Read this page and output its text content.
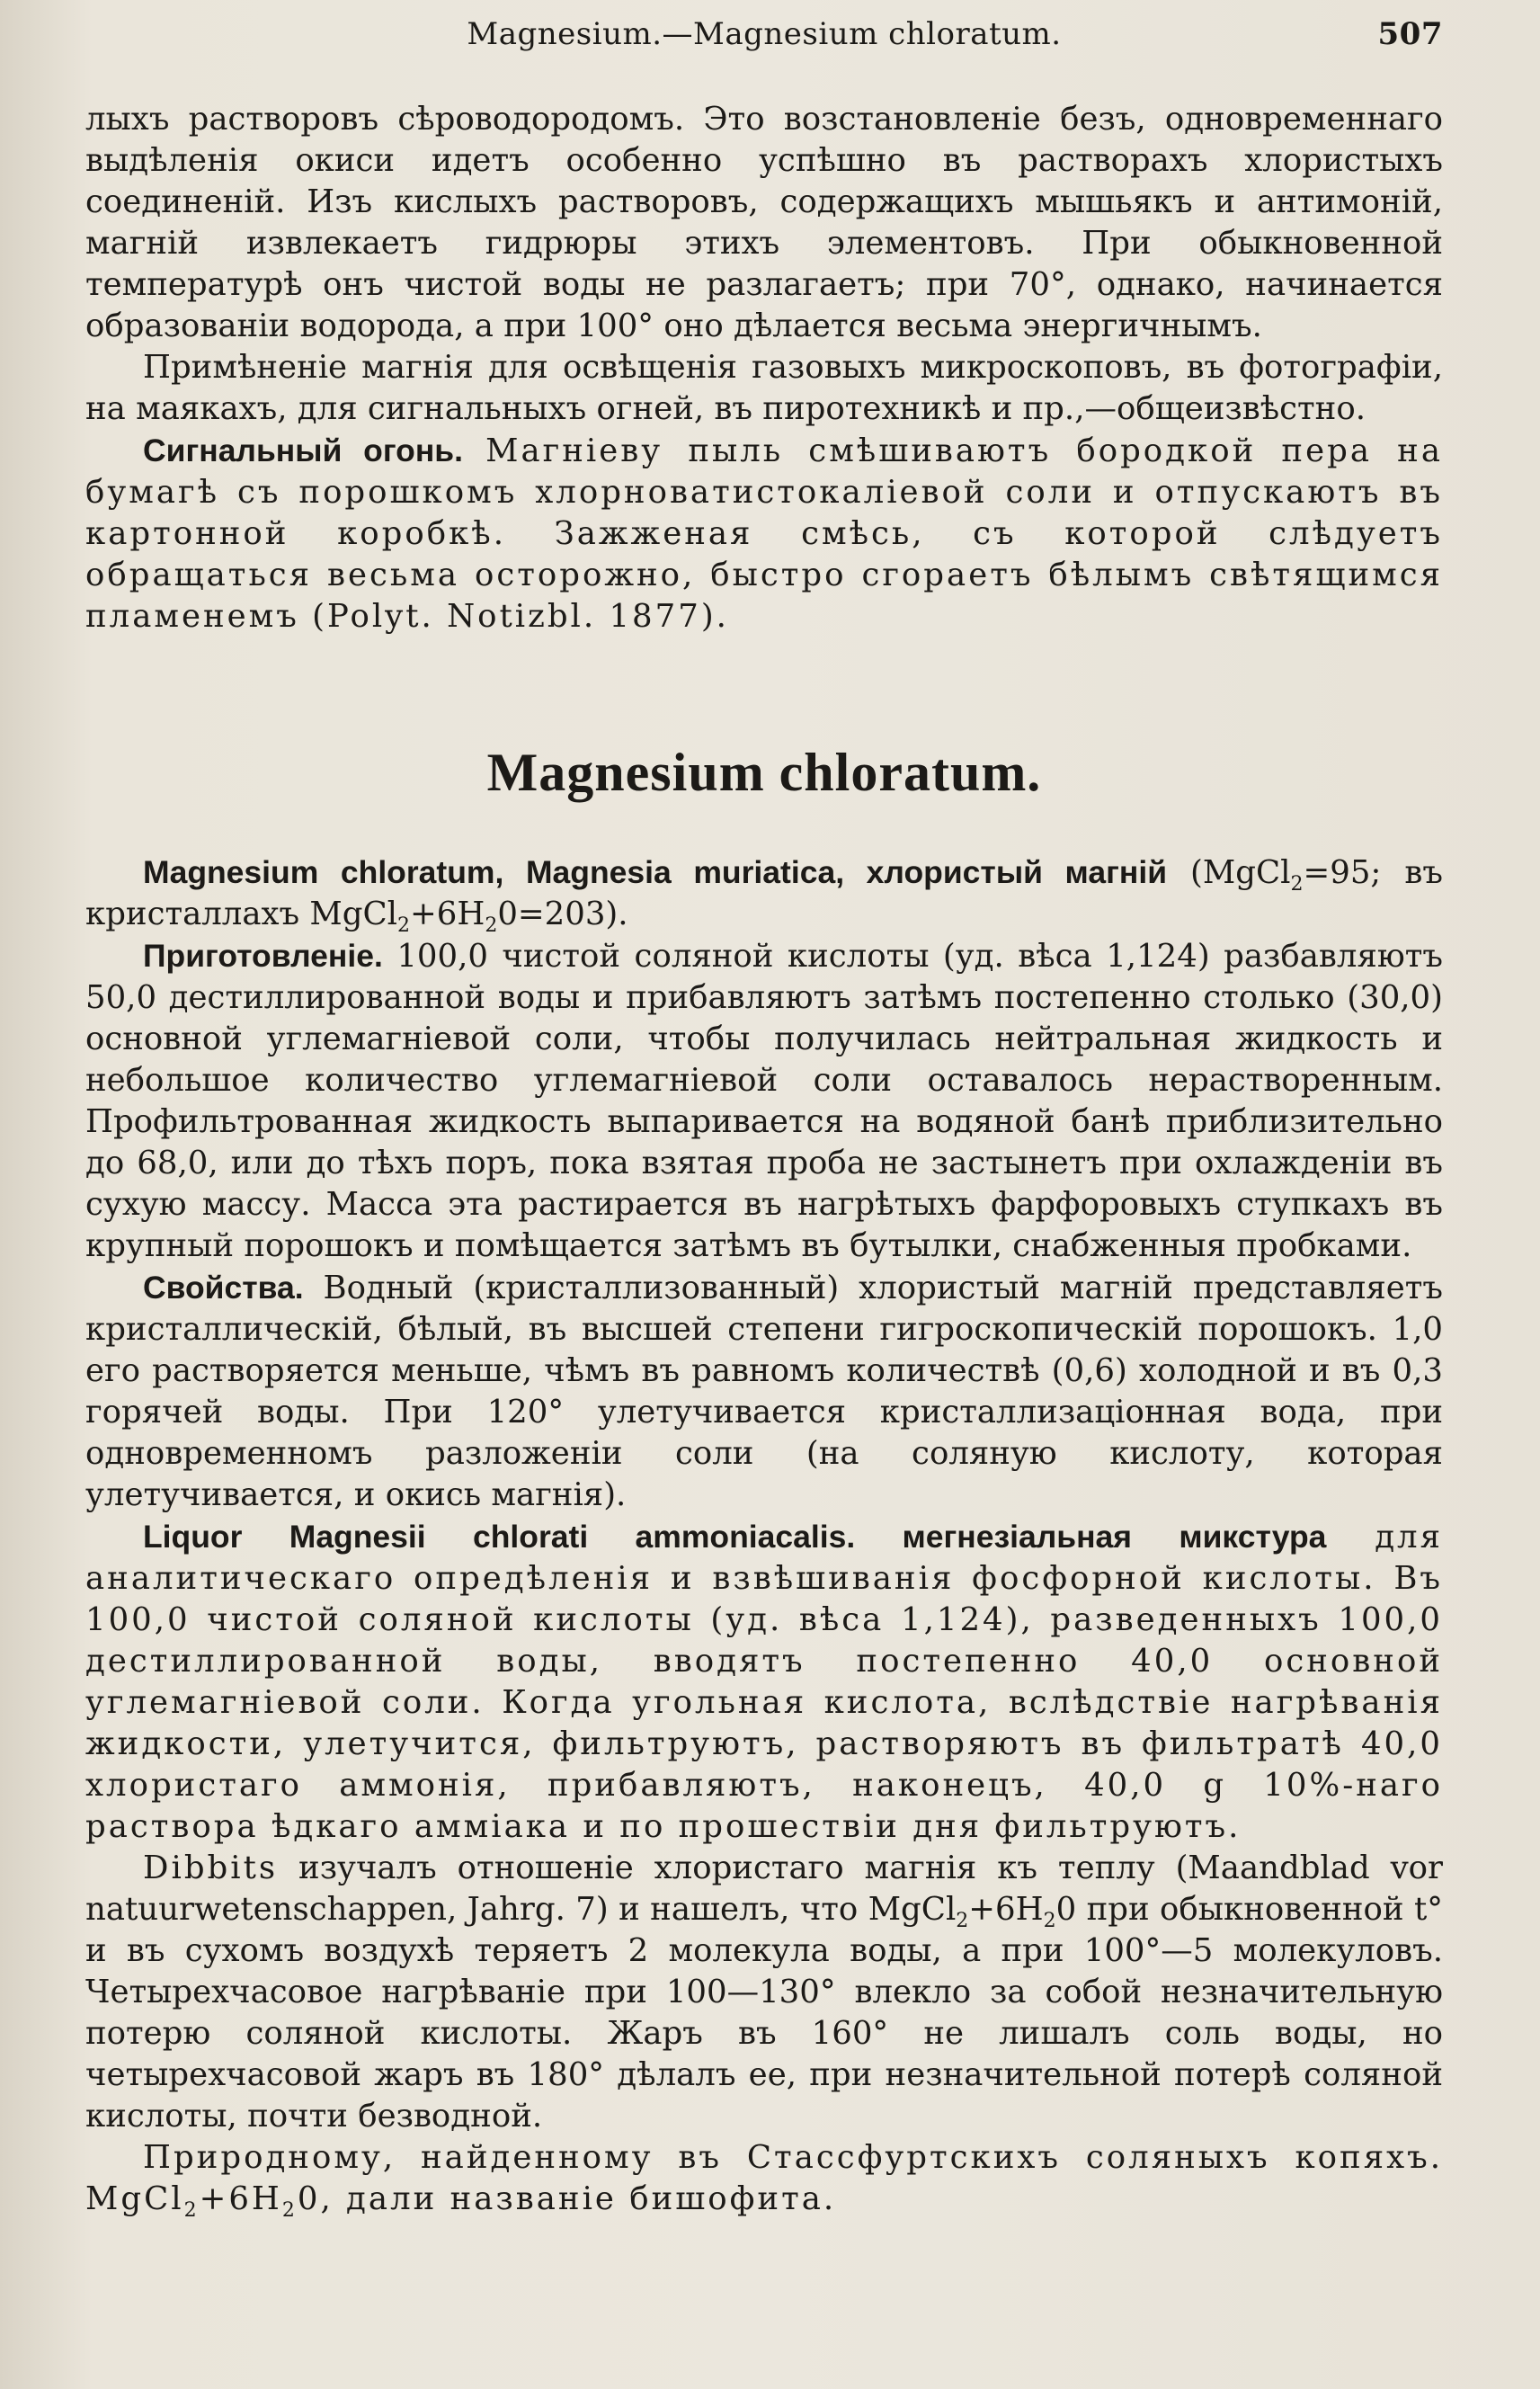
Magnesium.—Magnesium chloratum.	507

лыхъ растворовъ сѣроводородомъ. Это возстановленіе безъ, одновременнаго выдѣленія окиси идетъ особенно успѣшно въ растворахъ хлористыхъ соединеній. Изъ кислыхъ растворовъ, содержащихъ мышьякъ и антимоній, магній извлекаетъ гидрюры этихъ элементовъ. При обыкновенной температурѣ онъ чистой воды не разлагаетъ; при 70°, однако, начинается образованіи водорода, а при 100° оно дѣлается весьма энергичнымъ.

Примѣненіе магнія для освѣщенія газовыхъ микроскоповъ, въ фотографіи, на маякахъ, для сигнальныхъ огней, въ пиротехникѣ и пр.,—общеизвѣстно.

Сигнальный огонь. Магніеву пыль смѣшиваютъ бородкой пера на бумагѣ съ порошкомъ хлорноватистокаліевой соли и отпускаютъ въ картонной коробкѣ. Зажженая смѣсь, съ которой слѣдуетъ обращаться весьма осторожно, быстро сгораетъ бѣлымъ свѣтящимся пламенемъ (Polyt. Notizbl. 1877).

Magnesium chloratum.

Magnesium chloratum, Magnesia muriatica, хлористый магній (MgCl$_2$=95; въ кристаллахъ $MgCl_2+6H_20=203$).

Приготовленіе. 100,0 чистой соляной кислоты (уд. вѣса 1,124) разбавляютъ 50,0 дестиллированной воды и прибавляютъ затѣмъ постепенно столько (30,0) основной углемагніевой соли, чтобы получилась нейтральная жидкость и небольшое количество углемагніевой соли оставалось нерастворенным. Профильтрованная жидкость выпаривается на водяной банѣ приблизительно до 68,0, или до тѣхъ поръ, пока взятая проба не застынетъ при охлажденіи въ сухую массу. Масса эта растирается въ нагрѣтыхъ фарфоровыхъ ступкахъ въ крупный порошокъ и помѣщается затѣмъ въ бутылки, снабженныя пробками.

Свойства. Водный (кристаллизованный) хлористый магній представляетъ кристаллическій, бѣлый, въ высшей степени гигроскопическій порошокъ. 1,0 его растворяется меньше, чѣмъ въ равномъ количествѣ (0,6) холодной и въ 0,3 горячей воды. При 120° улетучивается кристаллизаціонная вода, при одновременномъ разложеніи соли (на соляную кислоту, которая улетучивается, и окись магнія).

Liquor Magnesii chlorati ammoniacalis. мегнезіальная микстура для аналитическаго опредѣленія и взвѣшиванія фосфорной кислоты. Въ 100,0 чистой соляной кислоты (уд. вѣса 1,124), разведенныхъ 100,0 дестиллированной воды, вводятъ постепенно 40,0 основной углемагніевой соли. Когда угольная кислота, вслѣдствіе нагрѣванія жидкости, улетучится, фильтруютъ, растворяютъ въ фильтратѣ 40,0 хлористаго аммонія, прибавляютъ, наконецъ, 40,0 g 10%-наго раствора ѣдкаго амміака и по прошествіи дня фильтруютъ.

Dibbits изучалъ отношеніе хлористаго магнія къ теплу (Maandblad vor natuurwetenschappen, Jahrg. 7) и нашелъ, что $MgCl_2+6H_20$ при обыкновенной t° и въ сухомъ воздухѣ теряетъ 2 молекула воды, а при 100°—5 молекуловъ. Четырехчасовое нагрѣваніе при 100—130° влекло за собой незначительную потерю соляной кислоты. Жаръ въ 160° не лишалъ соль воды, но четырехчасовой жаръ въ 180° дѣлалъ ее, при незначительной потерѣ соляной кислоты, почти безводной.

Природному, найденному въ Стассфуртскихъ соляныхъ копяхъ. $MgCl_2+6H_20$, дали названіе бишофита.
